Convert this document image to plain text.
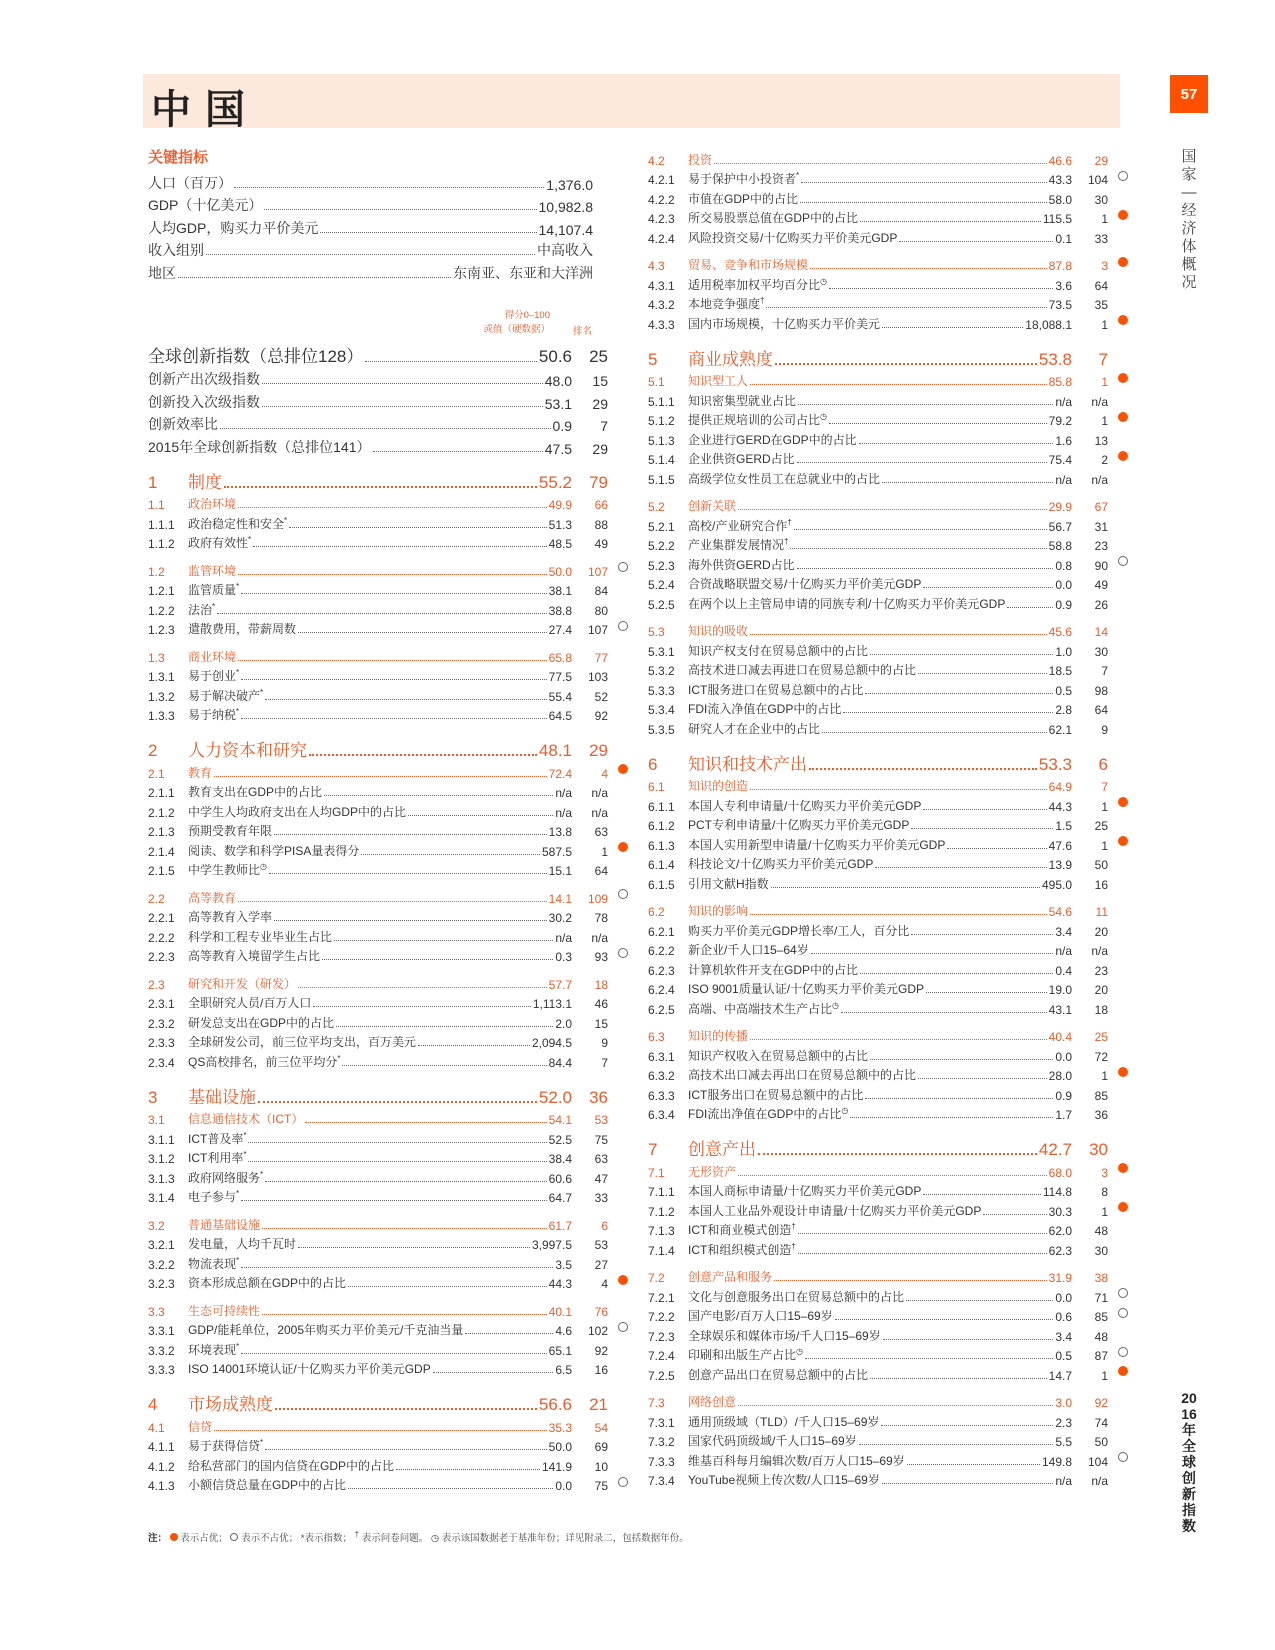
中国	57
国家—经济体概况
2016年全球创新指数
关键指标
人口（百万）	1,376.0
GDP（十亿美元）	10,982.8
人均GDP，购买力平价美元	14,107.4
收入组别	中高收入
地区	东南亚、东亚和大洋洲
得分0–100
或值（硬数据） 排名
全球创新指数（总排位128）	50.6	25
创新产出次级指数	48.0	15
创新投入次级指数	53.1	29
创新效率比	0.9	7
2015年全球创新指数（总排位141）	47.5	29
1	制度	55.2	79
1.1	政治环境	49.9	66
1.1.1	政治稳定性和安全*	51.3	88
1.1.2	政府有效性*	48.5	49
1.2	监管环境	50.0	107
1.2.1	监管质量*	38.1	84
1.2.2	法治*	38.8	80
1.2.3	遣散费用，带薪周数	27.4	107
1.3	商业环境	65.8	77
1.3.1	易于创业*	77.5	103
1.3.2	易于解决破产*	55.4	52
1.3.3	易于纳税*	64.5	92
2	人力资本和研究	48.1	29
2.1	教育	72.4	4
2.1.1	教育支出在GDP中的占比	n/a	n/a
2.1.2	中学生人均政府支出在人均GDP中的占比	n/a	n/a
2.1.3	预期受教育年限	13.8	63
2.1.4	阅读、数学和科学PISA量表得分	587.5	1
2.1.5	中学生教师比◷	15.1	64
2.2	高等教育	14.1	109
2.2.1	高等教育入学率	30.2	78
2.2.2	科学和工程专业毕业生占比	n/a	n/a
2.2.3	高等教育入境留学生占比	0.3	93
2.3	研究和开发（研发）	57.7	18
2.3.1	全职研究人员/百万人口	1,113.1	46
2.3.2	研发总支出在GDP中的占比	2.0	15
2.3.3	全球研发公司，前三位平均支出，百万美元	2,094.5	9
2.3.4	QS高校排名，前三位平均分*	84.4	7
3	基础设施	52.0	36
3.1	信息通信技术（ICT）	54.1	53
3.1.1	ICT普及率*	52.5	75
3.1.2	ICT利用率*	38.4	63
3.1.3	政府网络服务*	60.6	47
3.1.4	电子参与*	64.7	33
3.2	普通基础设施	61.7	6
3.2.1	发电量，人均千瓦时	3,997.5	53
3.2.2	物流表现*	3.5	27
3.2.3	资本形成总额在GDP中的占比	44.3	4
3.3	生态可持续性	40.1	76
3.3.1	GDP/能耗单位，2005年购买力平价美元/千克油当量	4.6	102
3.3.2	环境表现*	65.1	92
3.3.3	ISO 14001环境认证/十亿购买力平价美元GDP	6.5	16
4	市场成熟度	56.6	21
4.1	信贷	35.3	54
4.1.1	易于获得信贷*	50.0	69
4.1.2	给私营部门的国内信贷在GDP中的占比	141.9	10
4.1.3	小额信贷总量在GDP中的占比	0.0	75
4.2	投资	46.6	29
4.2.1	易于保护中小投资者*	43.3	104
4.2.2	市值在GDP中的占比	58.0	30
4.2.3	所交易股票总值在GDP中的占比	115.5	1
4.2.4	风险投资交易/十亿购买力平价美元GDP	0.1	33
4.3	贸易、竞争和市场规模	87.8	3
4.3.1	适用税率加权平均百分比◷	3.6	64
4.3.2	本地竞争强度†	73.5	35
4.3.3	国内市场规模，十亿购买力平价美元	18,088.1	1
5	商业成熟度	53.8	7
5.1	知识型工人	85.8	1
5.1.1	知识密集型就业占比	n/a	n/a
5.1.2	提供正规培训的公司占比◷	79.2	1
5.1.3	企业进行GERD在GDP中的占比	1.6	13
5.1.4	企业供资GERD占比	75.4	2
5.1.5	高级学位女性员工在总就业中的占比	n/a	n/a
5.2	创新关联	29.9	67
5.2.1	高校/产业研究合作†	56.7	31
5.2.2	产业集群发展情况†	58.8	23
5.2.3	海外供资GERD占比	0.8	90
5.2.4	合资战略联盟交易/十亿购买力平价美元GDP	0.0	49
5.2.5	在两个以上主管局申请的同族专利/十亿购买力平价美元GDP	0.9	26
5.3	知识的吸收	45.6	14
5.3.1	知识产权支付在贸易总额中的占比	1.0	30
5.3.2	高技术进口减去再进口在贸易总额中的占比	18.5	7
5.3.3	ICT服务进口在贸易总额中的占比	0.5	98
5.3.4	FDI流入净值在GDP中的占比	2.8	64
5.3.5	研究人才在企业中的占比	62.1	9
6	知识和技术产出	53.3	6
6.1	知识的创造	64.9	7
6.1.1	本国人专利申请量/十亿购买力平价美元GDP	44.3	1
6.1.2	PCT专利申请量/十亿购买力平价美元GDP	1.5	25
6.1.3	本国人实用新型申请量/十亿购买力平价美元GDP	47.6	1
6.1.4	科技论文/十亿购买力平价美元GDP	13.9	50
6.1.5	引用文献H指数	495.0	16
6.2	知识的影响	54.6	11
6.2.1	购买力平价美元GDP增长率/工人，百分比	3.4	20
6.2.2	新企业/千人口15–64岁	n/a	n/a
6.2.3	计算机软件开支在GDP中的占比	0.4	23
6.2.4	ISO 9001质量认证/十亿购买力平价美元GDP	19.0	20
6.2.5	高端、中高端技术生产占比◷	43.1	18
6.3	知识的传播	40.4	25
6.3.1	知识产权收入在贸易总额中的占比	0.0	72
6.3.2	高技术出口减去再出口在贸易总额中的占比	28.0	1
6.3.3	ICT服务出口在贸易总额中的占比	0.9	85
6.3.4	FDI流出净值在GDP中的占比◷	1.7	36
7	创意产出	42.7	30
7.1	无形资产	68.0	3
7.1.1	本国人商标申请量/十亿购买力平价美元GDP	114.8	8
7.1.2	本国人工业品外观设计申请量/十亿购买力平价美元GDP	30.3	1
7.1.3	ICT和商业模式创造†	62.0	48
7.1.4	ICT和组织模式创造†	62.3	30
7.2	创意产品和服务	31.9	38
7.2.1	文化与创意服务出口在贸易总额中的占比	0.0	71
7.2.2	国产电影/百万人口15–69岁	0.6	85
7.2.3	全球娱乐和媒体市场/千人口15–69岁	3.4	48
7.2.4	印刷和出版生产占比◷	0.5	87
7.2.5	创意产品出口在贸易总额中的占比	14.7	1
7.3	网络创意	3.0	92
7.3.1	通用顶级域（TLD）/千人口15–69岁	2.3	74
7.3.2	国家代码顶级域/千人口15–69岁	5.5	50
7.3.3	维基百科每月编辑次数/百万人口15–69岁	149.8	104
7.3.4	YouTube视频上传次数/人口15–69岁	n/a	n/a
注： 表示占优； 表示不占优； *表示指数； † 表示问卷问题。 ◷ 表示该国数据老于基准年份；详见附录二，包括数据年份。
